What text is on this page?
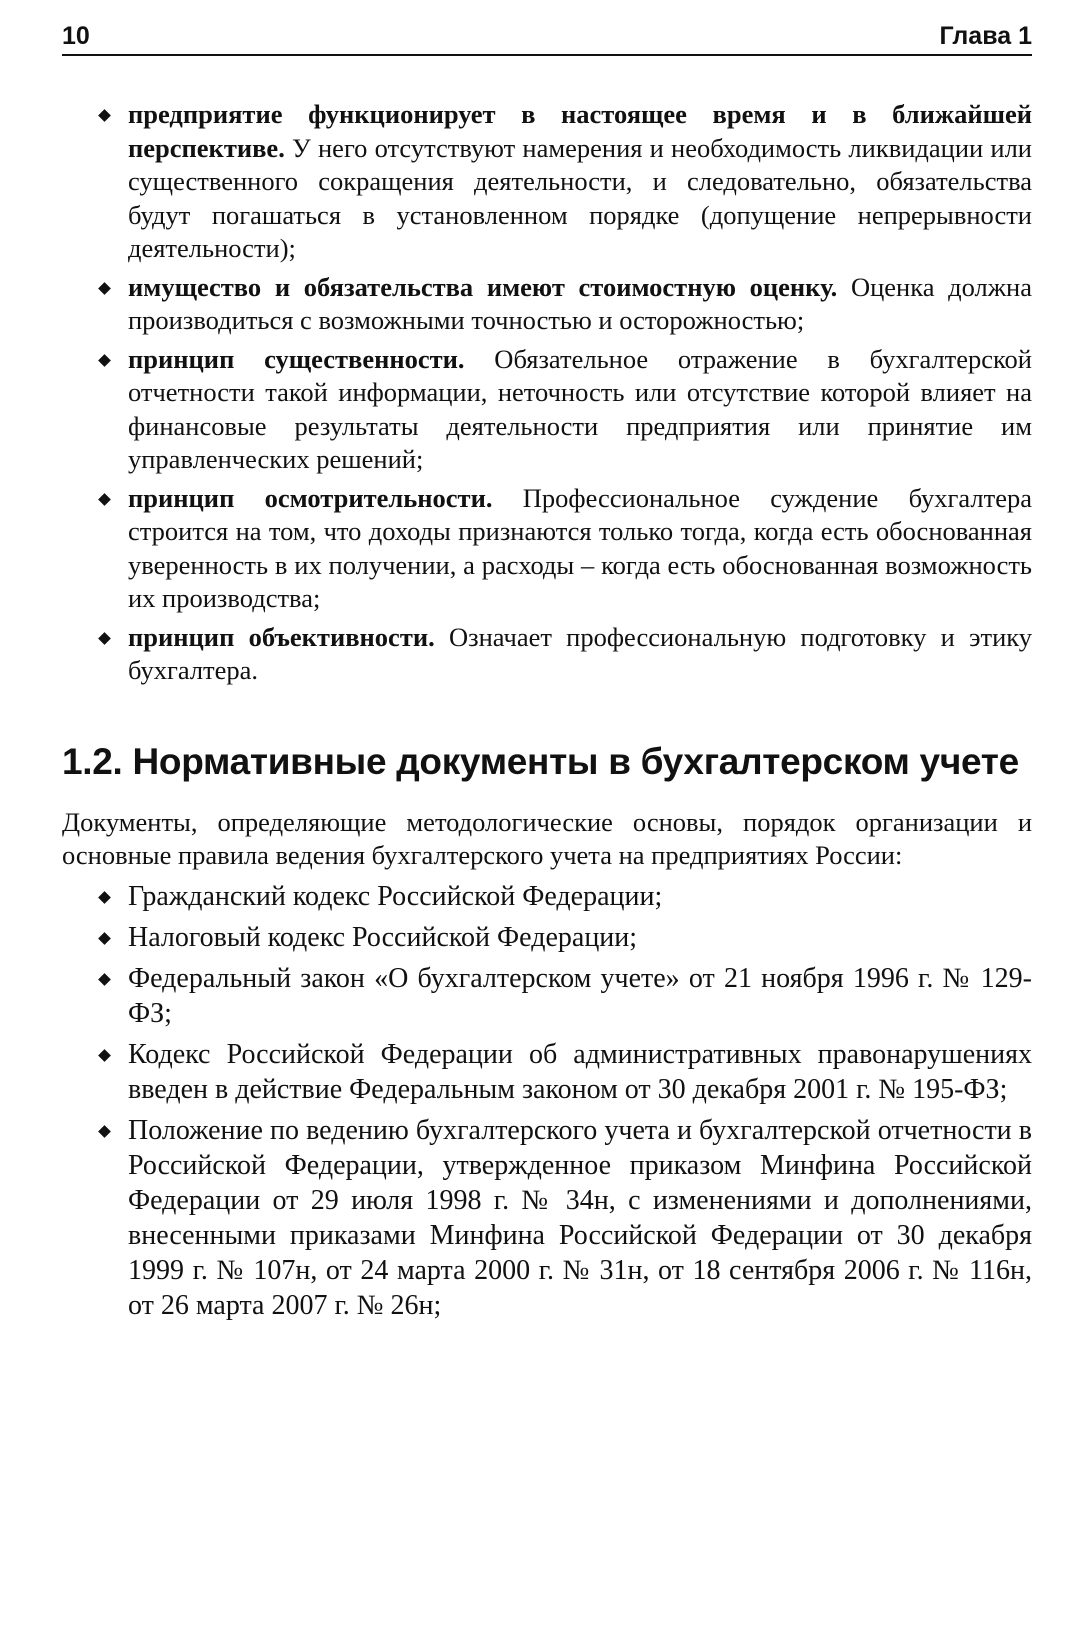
10	Глава 1
предприятие функционирует в настоящее время и в ближайшей перспективе. У него отсутствуют намерения и необходимость ликвидации или существенного сокращения деятельности, и следовательно, обязательства будут погашаться в установленном порядке (допущение непрерывности деятельности);
имущество и обязательства имеют стоимостную оценку. Оценка должна производиться с возможными точностью и осторожностью;
принцип существенности. Обязательное отражение в бухгалтерской отчетности такой информации, неточность или отсутствие которой влияет на финансовые результаты деятельности предприятия или принятие им управленческих решений;
принцип осмотрительности. Профессиональное суждение бухгалтера строится на том, что доходы признаются только тогда, когда есть обоснованная уверенность в их получении, а расходы – когда есть обоснованная возможность их производства;
принцип объективности. Означает профессиональную подготовку и этику бухгалтера.
1.2. Нормативные документы в бухгалтерском учете

Документы, определяющие методологические основы, порядок организации и основные правила ведения бухгалтерского учета на предприятиях России:

Гражданский кодекс Российской Федерации;
Налоговый кодекс Российской Федерации;
Федеральный закон «О бухгалтерском учете» от 21 ноября 1996 г. № 129-ФЗ;
Кодекс Российской Федерации об административных правонарушениях введен в действие Федеральным законом от 30 декабря 2001 г. № 195-ФЗ;
Положение по ведению бухгалтерского учета и бухгалтерской отчетности в Российской Федерации, утвержденное приказом Минфина Российской Федерации от 29 июля 1998 г. № 34н, с изменениями и дополнениями, внесенными приказами Минфина Российской Федерации от 30 декабря 1999 г. № 107н, от 24 марта 2000 г. № 31н, от 18 сентября 2006 г. № 116н, от 26 марта 2007 г. № 26н;
